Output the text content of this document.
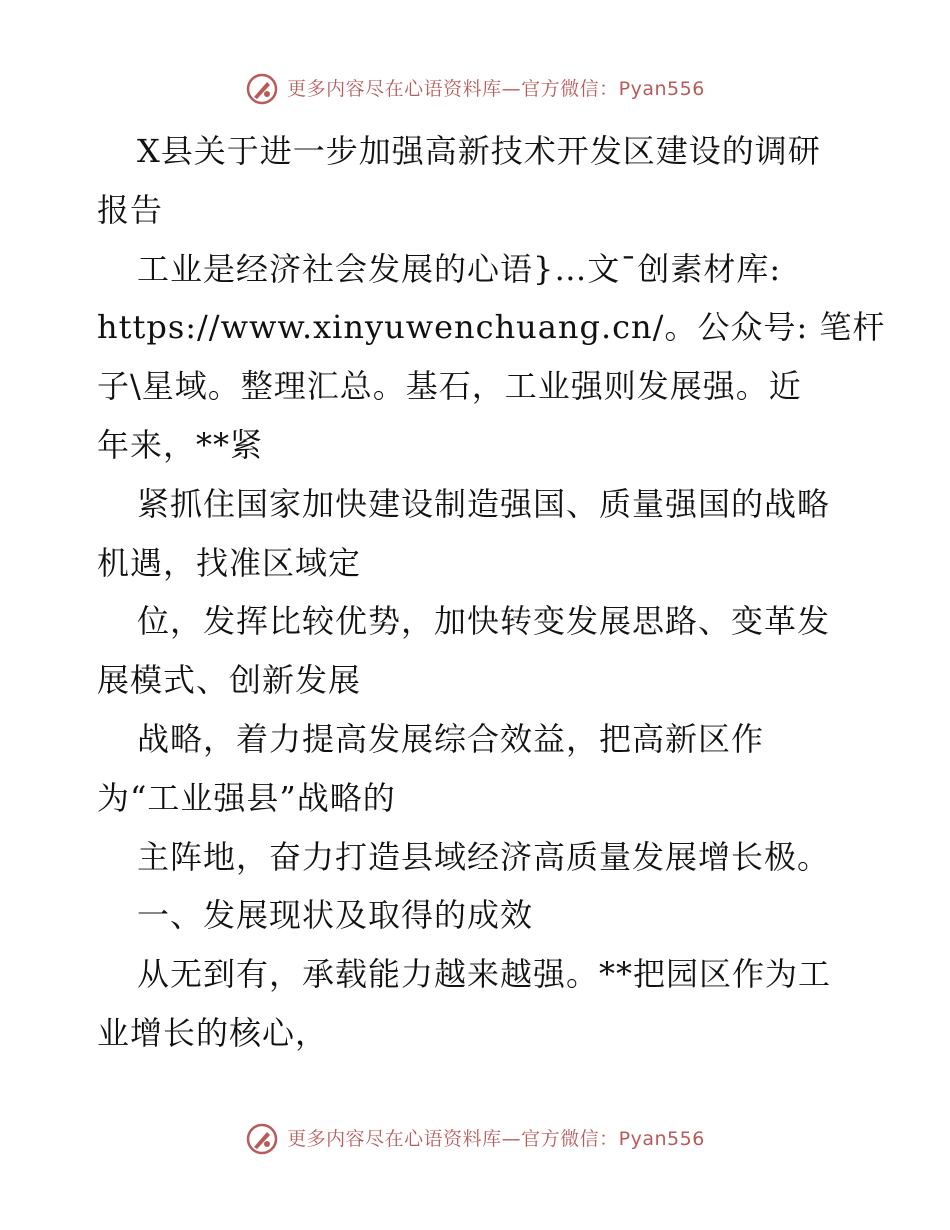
更多内容尽在心语资料库—官方微信：Pyan556
X县关于进一步加强高新技术开发区建设的调研
报告
工业是经济社会发展的心语}…文¯创素材库:
https://www.xinyuwenchuang.cn/。公众号: 笔杆
子\星域。整理汇总。基石，工业强则发展强。近
年来，**紧
紧抓住国家加快建设制造强国、质量强国的战略
机遇，找准区域定
位，发挥比较优势，加快转变发展思路、变革发
展模式、创新发展
战略，着力提高发展综合效益，把高新区作
为“工业强县”战略的
主阵地，奋力打造县域经济高质量发展增长极。
一、发展现状及取得的成效
从无到有，承载能力越来越强。**把园区作为工
业增长的核心，
更多内容尽在心语资料库—官方微信：Pyan556
